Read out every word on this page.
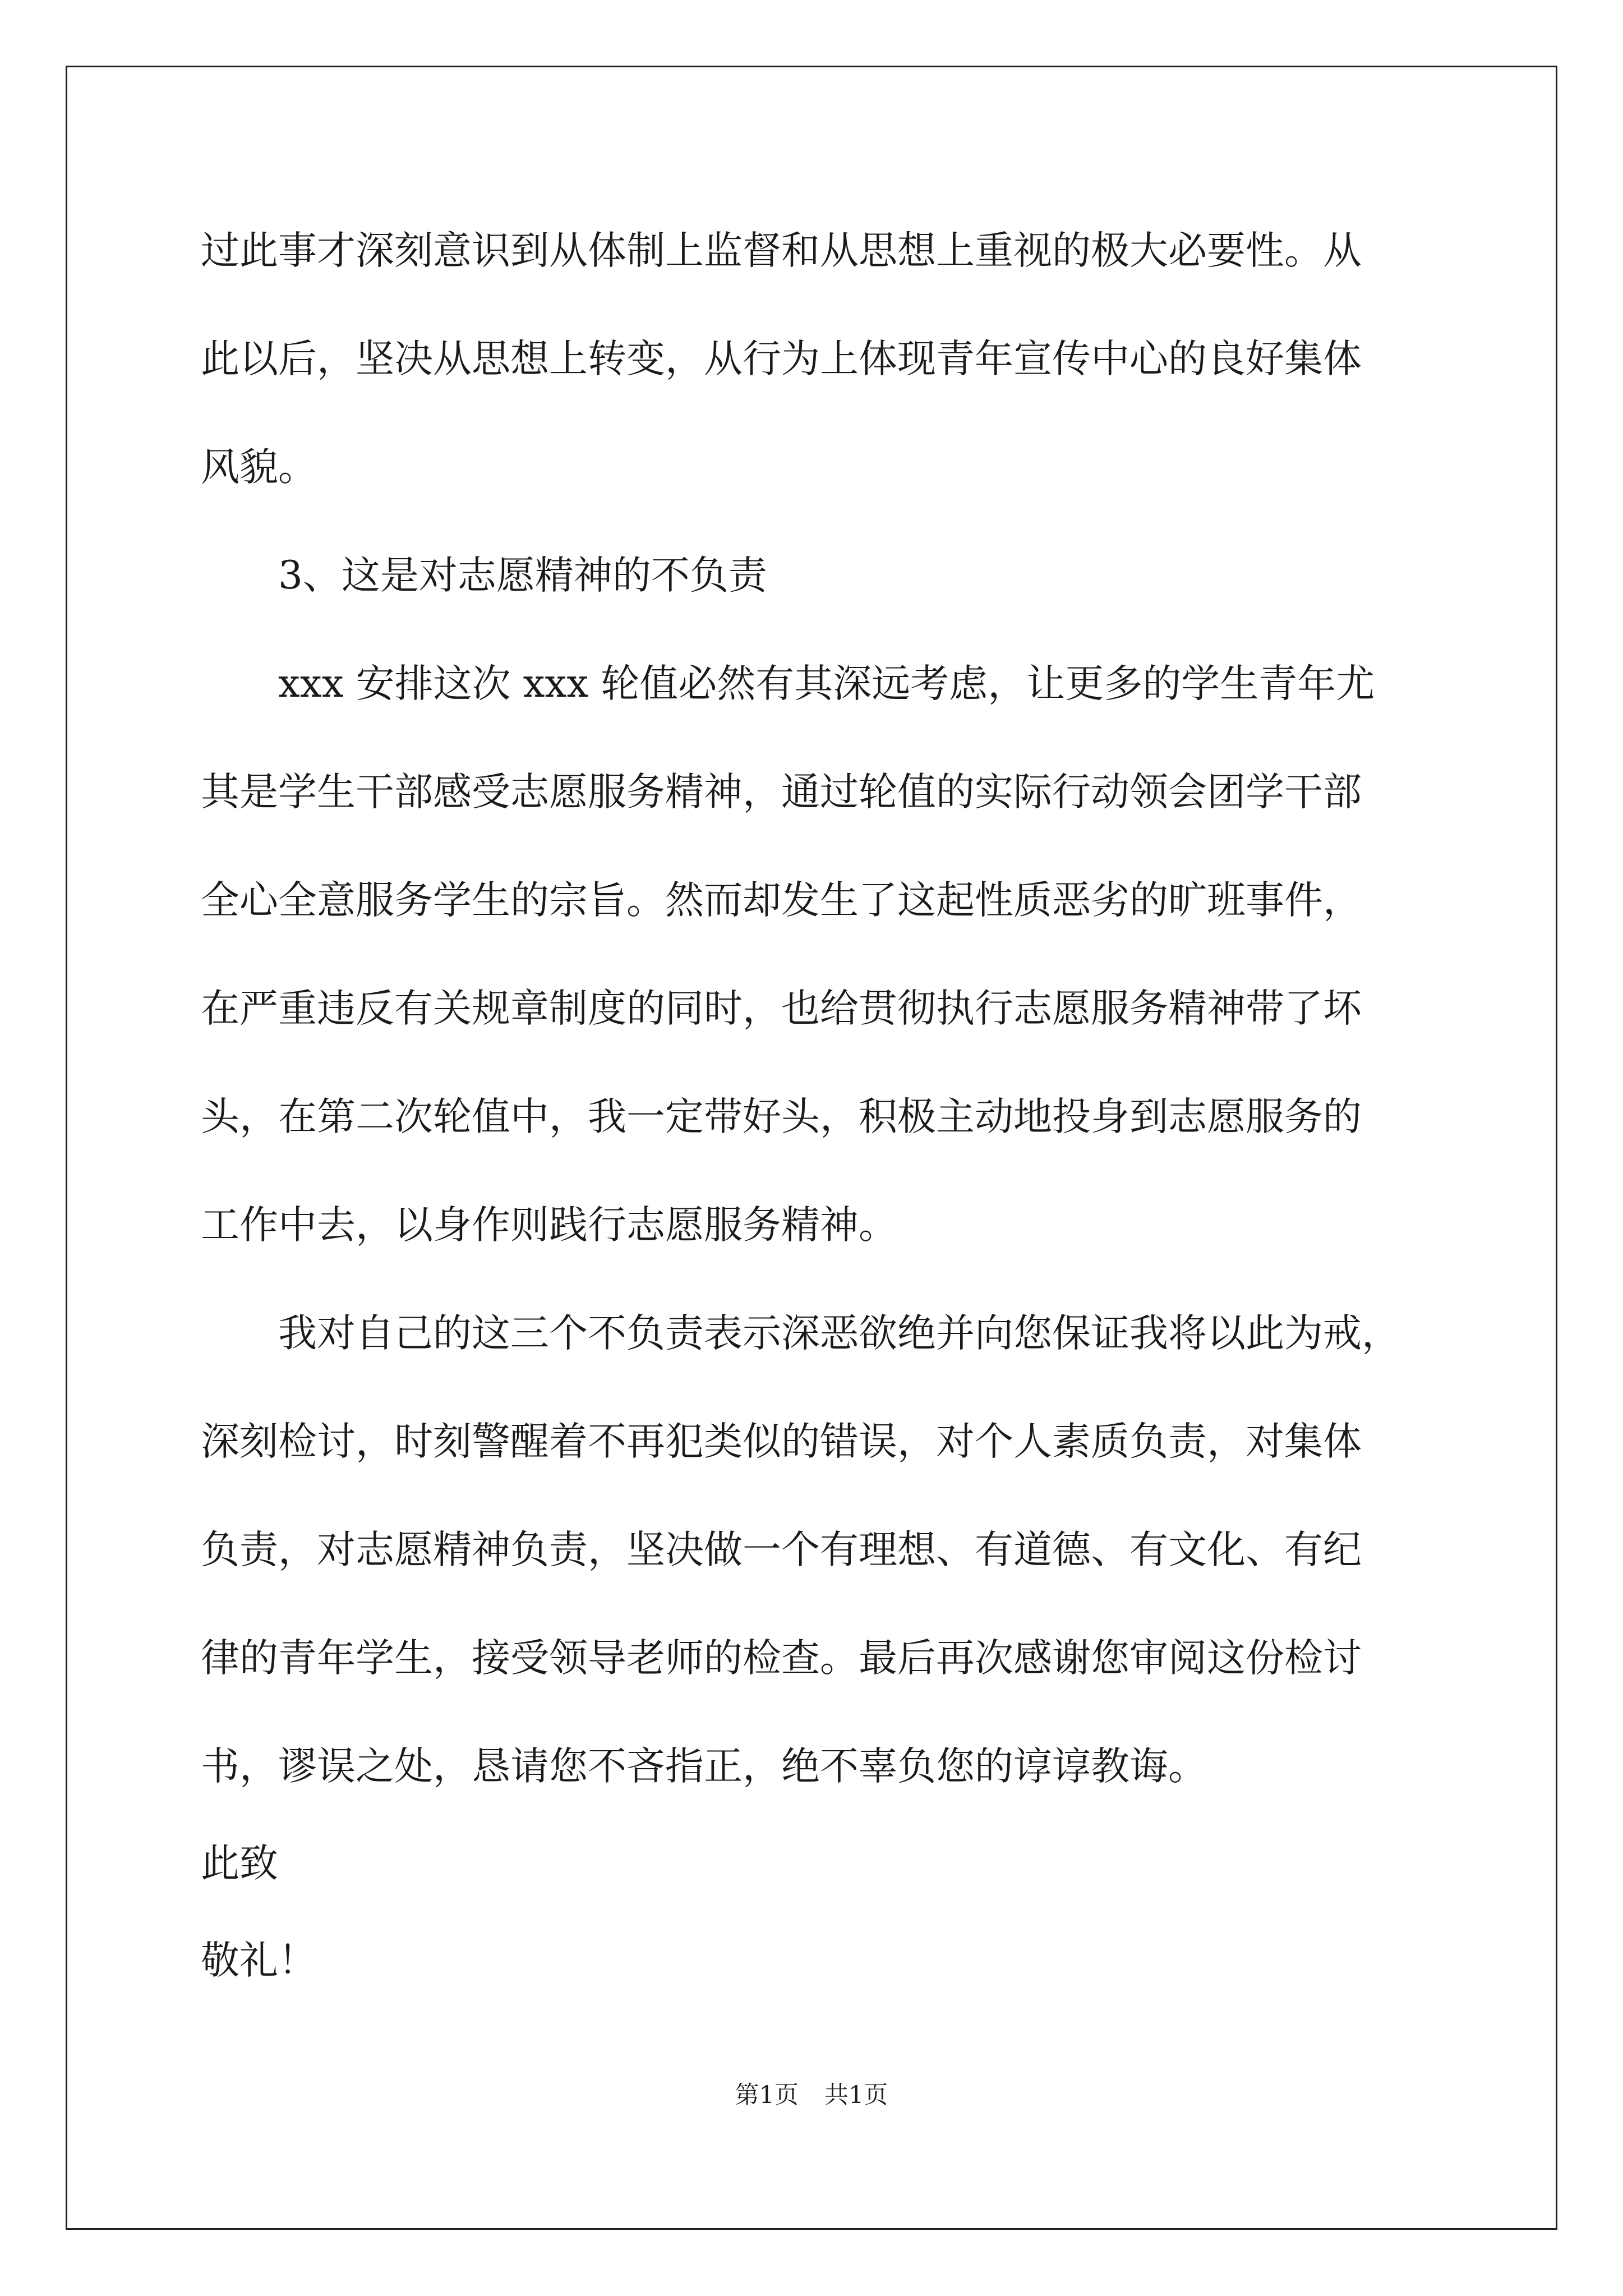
过此事才深刻意识到从体制上监督和从思想上重视的极大必要性。从
此以后，坚决从思想上转变，从行为上体现青年宣传中心的良好集体
风貌。
3、这是对志愿精神的不负责
xxx 安排这次 xxx 轮值必然有其深远考虑，让更多的学生青年尤
其是学生干部感受志愿服务精神，通过轮值的实际行动领会团学干部
全心全意服务学生的宗旨。然而却发生了这起性质恶劣的旷班事件，
在严重违反有关规章制度的同时，也给贯彻执行志愿服务精神带了坏
头，在第二次轮值中，我一定带好头，积极主动地投身到志愿服务的
工作中去，以身作则践行志愿服务精神。
我对自己的这三个不负责表示深恶欲绝并向您保证我将以此为戒，
深刻检讨，时刻警醒着不再犯类似的错误，对个人素质负责，对集体
负责，对志愿精神负责，坚决做一个有理想、有道德、有文化、有纪
律的青年学生，接受领导老师的检查。最后再次感谢您审阅这份检讨
书，谬误之处，恳请您不吝指正，绝不辜负您的谆谆教诲。
此致
敬礼！
第1页 共1页
